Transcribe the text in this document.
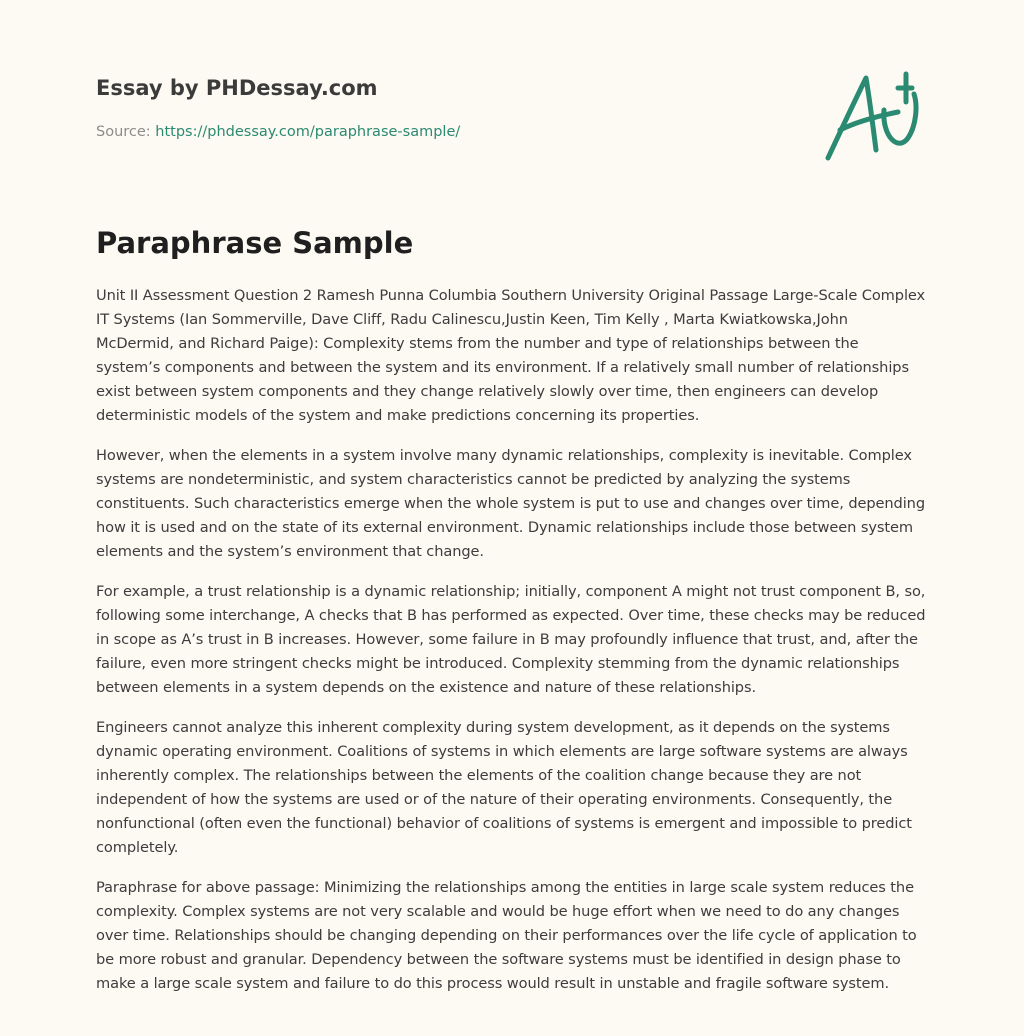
Essay by PHDessay.com
Source: https://phdessay.com/paraphrase-sample/
Paraphrase Sample

Unit II Assessment Question 2 Ramesh Punna Columbia Southern University Original Passage Large-Scale Complex IT Systems (Ian Sommerville, Dave Cliff, Radu Calinescu,Justin Keen, Tim Kelly , Marta Kwiatkowska,John McDermid, and Richard Paige): Complexity stems from the number and type of relationships between the system’s components and between the system and its environment. If a relatively small number of relationships exist between system components and they change relatively slowly over time, then engineers can develop deterministic models of the system and make predictions concerning its properties.

However, when the elements in a system involve many dynamic relationships, complexity is inevitable. Complex systems are nondeterministic, and system characteristics cannot be predicted by analyzing the systems constituents. Such characteristics emerge when the whole system is put to use and changes over time, depending how it is used and on the state of its external environment. Dynamic relationships include those between system elements and the system’s environment that change.

For example, a trust relationship is a dynamic relationship; initially, component A might not trust component B, so, following some interchange, A checks that B has performed as expected. Over time, these checks may be reduced in scope as A’s trust in B increases. However, some failure in B may profoundly influence that trust, and, after the failure, even more stringent checks might be introduced. Complexity stemming from the dynamic relationships between elements in a system depends on the existence and nature of these relationships.

Engineers cannot analyze this inherent complexity during system development, as it depends on the systems dynamic operating environment. Coalitions of systems in which elements are large software systems are always inherently complex. The relationships between the elements of the coalition change because they are not independent of how the systems are used or of the nature of their operating environments. Consequently, the nonfunctional (often even the functional) behavior of coalitions of systems is emergent and impossible to predict completely.

Paraphrase for above passage: Minimizing the relationships among the entities in large scale system reduces the complexity. Complex systems are not very scalable and would be huge effort when we need to do any changes over time. Relationships should be changing depending on their performances over the life cycle of application to be more robust and granular. Dependency between the software systems must be identified in design phase to make a large scale system and failure to do this process would result in unstable and fragile software system.
